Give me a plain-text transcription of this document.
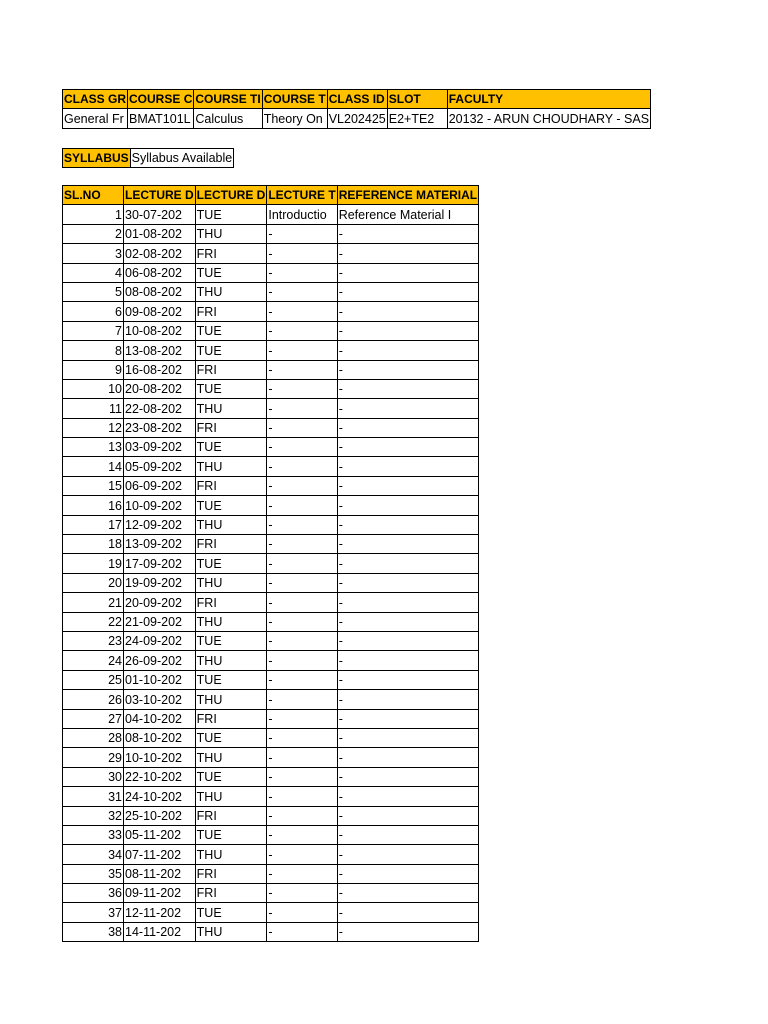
CLASS GR	COURSE C	COURSE TI	COURSE T	CLASS ID	SLOT	FACULTY
General Fr	BMAT101L	Calculus	Theory On	VL202425	E2+TE2	20132 - ARUN CHOUDHARY - SAS
SYLLABUS	Syllabus Available
SL.NO	LECTURE D	LECTURE D	LECTURE T	REFERENCE MATERIAL
1	30-07-202	TUE	Introductio	Reference Material I
2	01-08-202	THU	-	-
3	02-08-202	FRI	-	-
4	06-08-202	TUE	-	-
5	08-08-202	THU	-	-
6	09-08-202	FRI	-	-
7	10-08-202	TUE	-	-
8	13-08-202	TUE	-	-
9	16-08-202	FRI	-	-
10	20-08-202	TUE	-	-
11	22-08-202	THU	-	-
12	23-08-202	FRI	-	-
13	03-09-202	TUE	-	-
14	05-09-202	THU	-	-
15	06-09-202	FRI	-	-
16	10-09-202	TUE	-	-
17	12-09-202	THU	-	-
18	13-09-202	FRI	-	-
19	17-09-202	TUE	-	-
20	19-09-202	THU	-	-
21	20-09-202	FRI	-	-
22	21-09-202	THU	-	-
23	24-09-202	TUE	-	-
24	26-09-202	THU	-	-
25	01-10-202	TUE	-	-
26	03-10-202	THU	-	-
27	04-10-202	FRI	-	-
28	08-10-202	TUE	-	-
29	10-10-202	THU	-	-
30	22-10-202	TUE	-	-
31	24-10-202	THU	-	-
32	25-10-202	FRI	-	-
33	05-11-202	TUE	-	-
34	07-11-202	THU	-	-
35	08-11-202	FRI	-	-
36	09-11-202	FRI	-	-
37	12-11-202	TUE	-	-
38	14-11-202	THU	-	-
